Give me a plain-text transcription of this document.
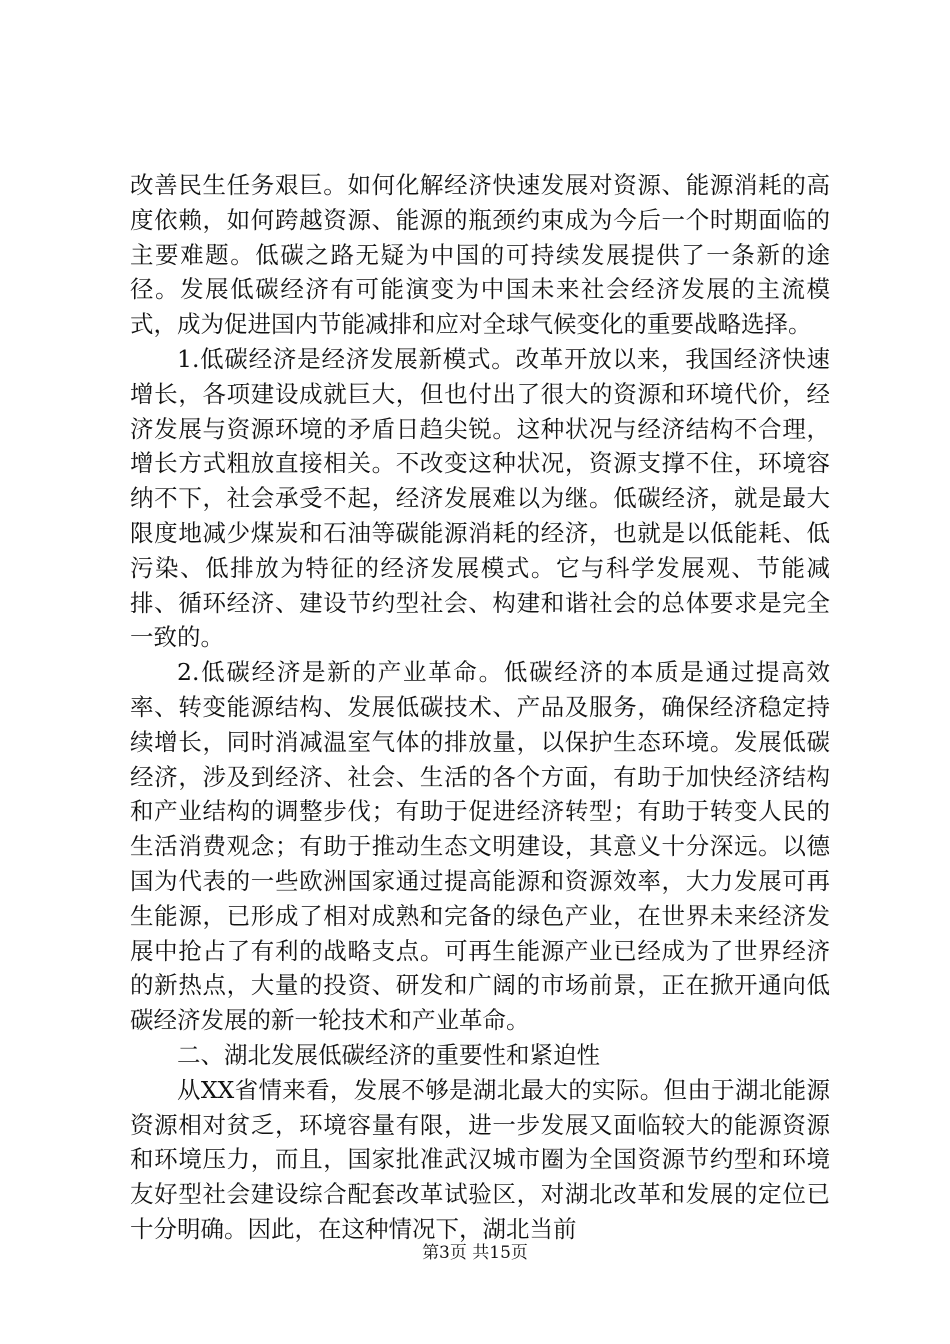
改善民生任务艰巨。如何化解经济快速发展对资源、能源消耗的高度依赖，如何跨越资源、能源的瓶颈约束成为今后一个时期面临的主要难题。低碳之路无疑为中国的可持续发展提供了一条新的途径。发展低碳经济有可能演变为中国未来社会经济发展的主流模式，成为促进国内节能减排和应对全球气候变化的重要战略选择。

1.低碳经济是经济发展新模式。改革开放以来，我国经济快速增长，各项建设成就巨大，但也付出了很大的资源和环境代价，经济发展与资源环境的矛盾日趋尖锐。这种状况与经济结构不合理，增长方式粗放直接相关。不改变这种状况，资源支撑不住，环境容纳不下，社会承受不起，经济发展难以为继。低碳经济，就是最大限度地减少煤炭和石油等碳能源消耗的经济，也就是以低能耗、低污染、低排放为特征的经济发展模式。它与科学发展观、节能减排、循环经济、建设节约型社会、构建和谐社会的总体要求是完全一致的。

2.低碳经济是新的产业革命。低碳经济的本质是通过提高效率、转变能源结构、发展低碳技术、产品及服务，确保经济稳定持续增长，同时消减温室气体的排放量，以保护生态环境。发展低碳经济，涉及到经济、社会、生活的各个方面，有助于加快经济结构和产业结构的调整步伐；有助于促进经济转型；有助于转变人民的生活消费观念；有助于推动生态文明建设，其意义十分深远。以德国为代表的一些欧洲国家通过提高能源和资源效率，大力发展可再生能源，已形成了相对成熟和完备的绿色产业，在世界未来经济发展中抢占了有利的战略支点。可再生能源产业已经成为了世界经济的新热点，大量的投资、研发和广阔的市场前景，正在掀开通向低碳经济发展的新一轮技术和产业革命。

二、湖北发展低碳经济的重要性和紧迫性

从XX省情来看，发展不够是湖北最大的实际。但由于湖北能源资源相对贫乏，环境容量有限，进一步发展又面临较大的能源资源和环境压力，而且，国家批准武汉城市圈为全国资源节约型和环境友好型社会建设综合配套改革试验区，对湖北改革和发展的定位已十分明确。因此，在这种情况下，湖北当前

第3页 共15页
